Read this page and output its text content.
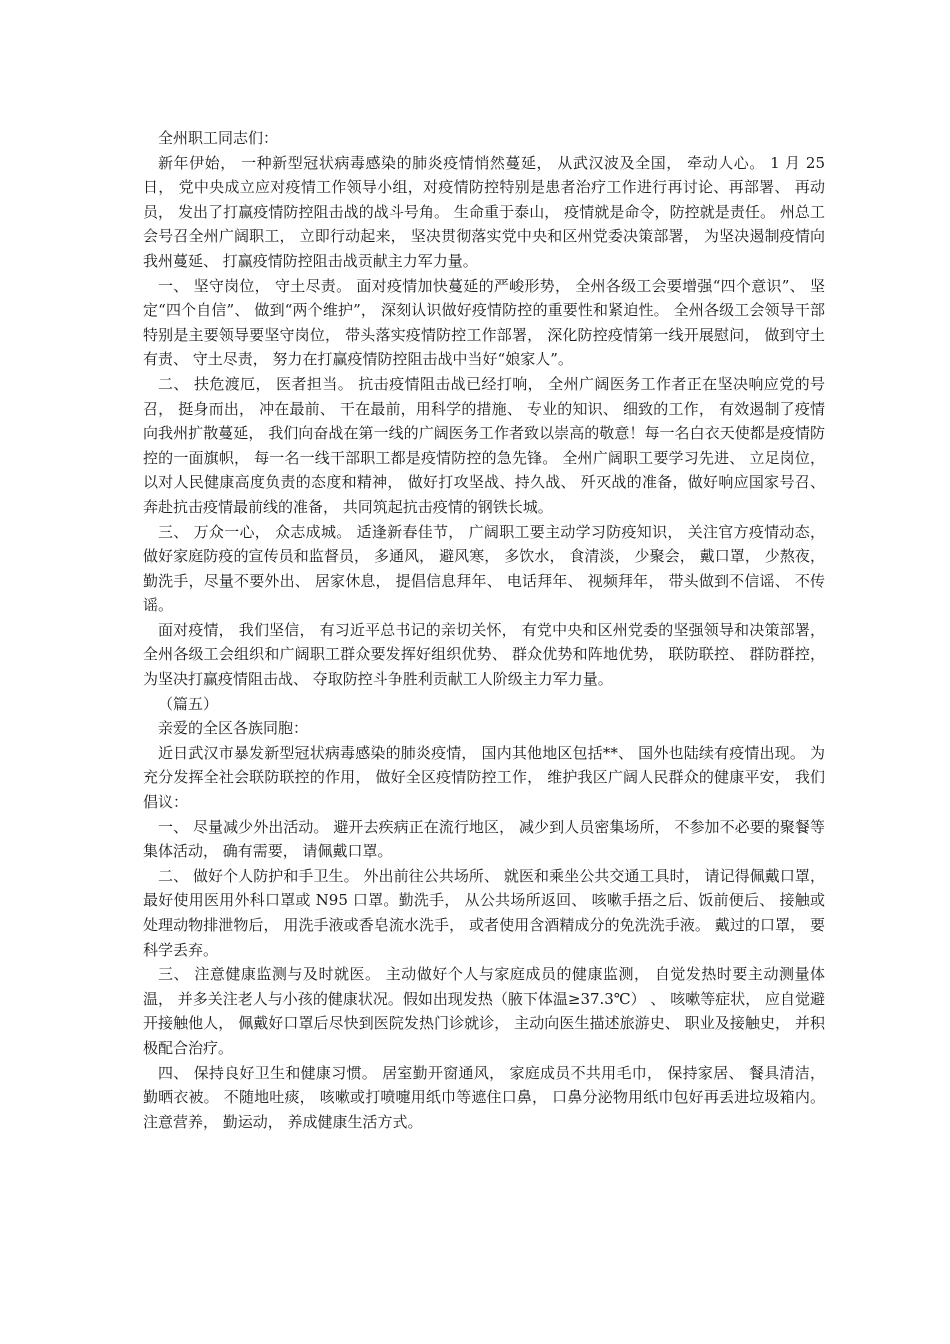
全州职工同志们：

新年伊始， 一种新型冠状病毒感染的肺炎疫情悄然蔓延， 从武汉波及全国， 牵动人心。 1 月 25 日， 党中央成立应对疫情工作领导小组，对疫情防控特别是患者治疗工作进行再讨论、再部署、 再动员， 发出了打赢疫情防控阻击战的战斗号角。 生命重于泰山， 疫情就是命令，防控就是责任。 州总工会号召全州广阔职工， 立即行动起来， 坚决贯彻落实党中央和区州党委决策部署， 为坚决遏制疫情向我州蔓延、 打赢疫情防控阻击战贡献主力军力量。

一、 坚守岗位， 守土尽责。 面对疫情加快蔓延的严峻形势， 全州各级工会要增强“四个意识”、 坚定“四个自信”、 做到“两个维护”， 深刻认识做好疫情防控的重要性和紧迫性。 全州各级工会领导干部特别是主要领导要坚守岗位， 带头落实疫情防控工作部署， 深化防控疫情第一线开展慰问， 做到守土有责、 守土尽责， 努力在打赢疫情防控阻击战中当好“娘家人”。

二、 扶危渡厄， 医者担当。 抗击疫情阻击战已经打响， 全州广阔医务工作者正在坚决响应党的号召， 挺身而出， 冲在最前、 干在最前，用科学的措施、 专业的知识、 细致的工作， 有效遏制了疫情向我州扩散蔓延， 我们向奋战在第一线的广阔医务工作者致以崇高的敬意！每一名白衣天使都是疫情防控的一面旗帜， 每一名一线干部职工都是疫情防控的急先锋。 全州广阔职工要学习先进、 立足岗位， 以对人民健康高度负责的态度和精神， 做好打攻坚战、持久战、 歼灭战的准备，做好响应国家号召、 奔赴抗击疫情最前线的准备， 共同筑起抗击疫情的钢铁长城。

三、 万众一心， 众志成城。 适逢新春佳节， 广阔职工要主动学习防疫知识， 关注官方疫情动态， 做好家庭防疫的宣传员和监督员， 多通风， 避风寒， 多饮水， 食清淡， 少聚会， 戴口罩， 少熬夜， 勤洗手，尽量不要外出、 居家休息， 提倡信息拜年、 电话拜年、 视频拜年， 带头做到不信谣、 不传谣。

面对疫情， 我们坚信， 有习近平总书记的亲切关怀， 有党中央和区州党委的坚强领导和决策部署， 全州各级工会组织和广阔职工群众要发挥好组织优势、 群众优势和阵地优势， 联防联控、 群防群控， 为坚决打赢疫情阻击战、 夺取防控斗争胜利贡献工人阶级主力军力量。

（篇五）

亲爱的全区各族同胞：

近日武汉市暴发新型冠状病毒感染的肺炎疫情， 国内其他地区包括**、 国外也陆续有疫情出现。 为充分发挥全社会联防联控的作用， 做好全区疫情防控工作， 维护我区广阔人民群众的健康平安， 我们倡议：

一、 尽量减少外出活动。 避开去疾病正在流行地区， 减少到人员密集场所， 不参加不必要的聚餐等集体活动， 确有需要， 请佩戴口罩。

二、 做好个人防护和手卫生。 外出前往公共场所、 就医和乘坐公共交通工具时， 请记得佩戴口罩， 最好使用医用外科口罩或 N95 口罩。勤洗手， 从公共场所返回、 咳嗽手捂之后、饭前便后、 接触或处理动物排泄物后， 用洗手液或香皂流水洗手， 或者使用含酒精成分的免洗洗手液。 戴过的口罩， 要科学丢弃。

三、 注意健康监测与及时就医。 主动做好个人与家庭成员的健康监测， 自觉发热时要主动测量体温， 并多关注老人与小孩的健康状况。假如出现发热（腋下体温≥37.3℃） 、 咳嗽等症状， 应自觉避开接触他人， 佩戴好口罩后尽快到医院发热门诊就诊， 主动向医生描述旅游史、 职业及接触史， 并积极配合治疗。

四、 保持良好卫生和健康习惯。 居室勤开窗通风， 家庭成员不共用毛巾， 保持家居、 餐具清洁， 勤晒衣被。 不随地吐痰， 咳嗽或打喷嚏用纸巾等遮住口鼻， 口鼻分泌物用纸巾包好再丢进垃圾箱内。 注意营养， 勤运动， 养成健康生活方式。
